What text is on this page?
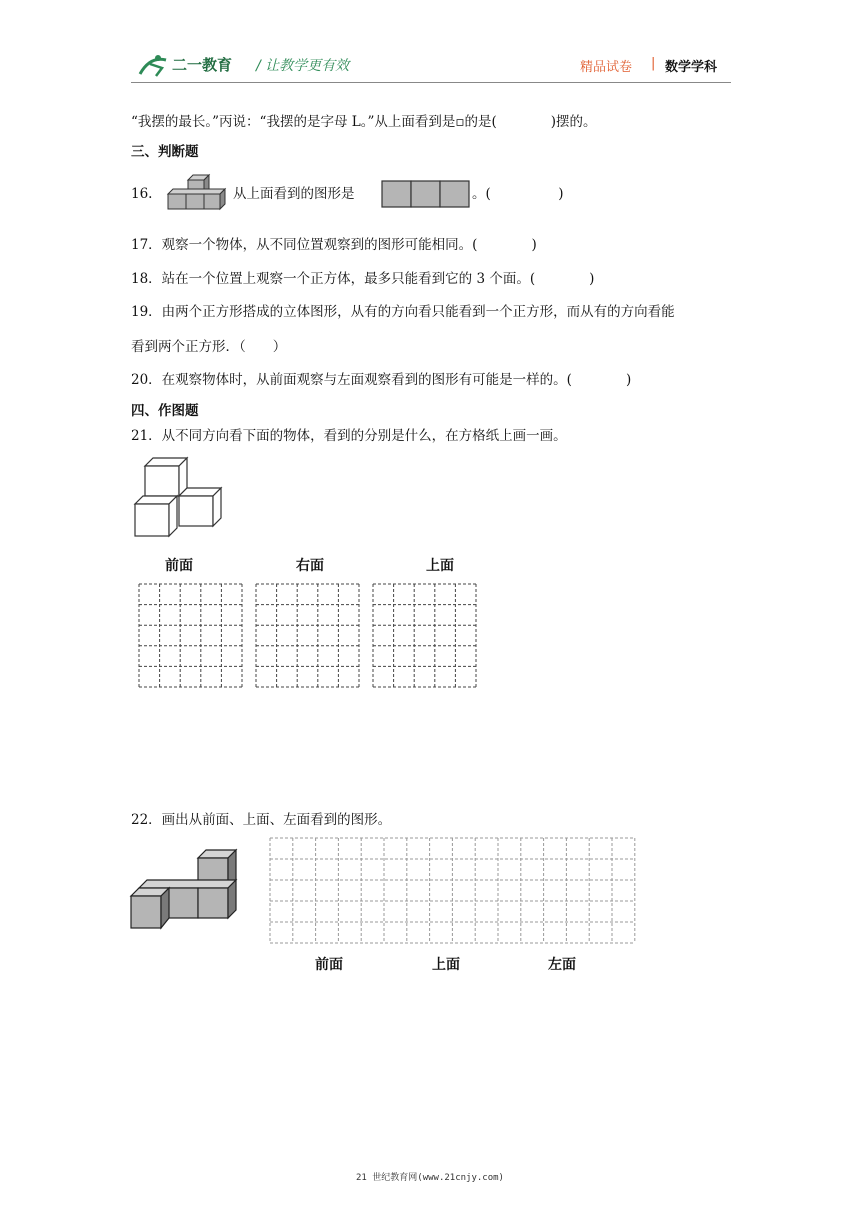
二一教育 / 让教学更有效	精品试卷 | 数学学科
“我摆的最长。”丙说：“我摆的是字母 L。”从上面看到是▫的是(　　　　)摆的。
三、判断题
16.	从上面看到的图形是	。(　　　　　)
17．观察一个物体，从不同位置观察到的图形可能相同。(　　　　)
18．站在一个位置上观察一个正方体，最多只能看到它的 3 个面。(　　　　)
19．由两个正方形搭成的立体图形，从有的方向看只能看到一个正方形，而从有的方向看能
看到两个正方形．（　　）
20．在观察物体时，从前面观察与左面观察看到的图形有可能是一样的。(　　　　)
四、作图题
21．从不同方向看下面的物体，看到的分别是什么，在方格纸上画一画。
前面	右面	上面
22．画出从前面、上面、左面看到的图形。
前面	上面	左面
21 世纪教育网(www.21cnjy.com)
